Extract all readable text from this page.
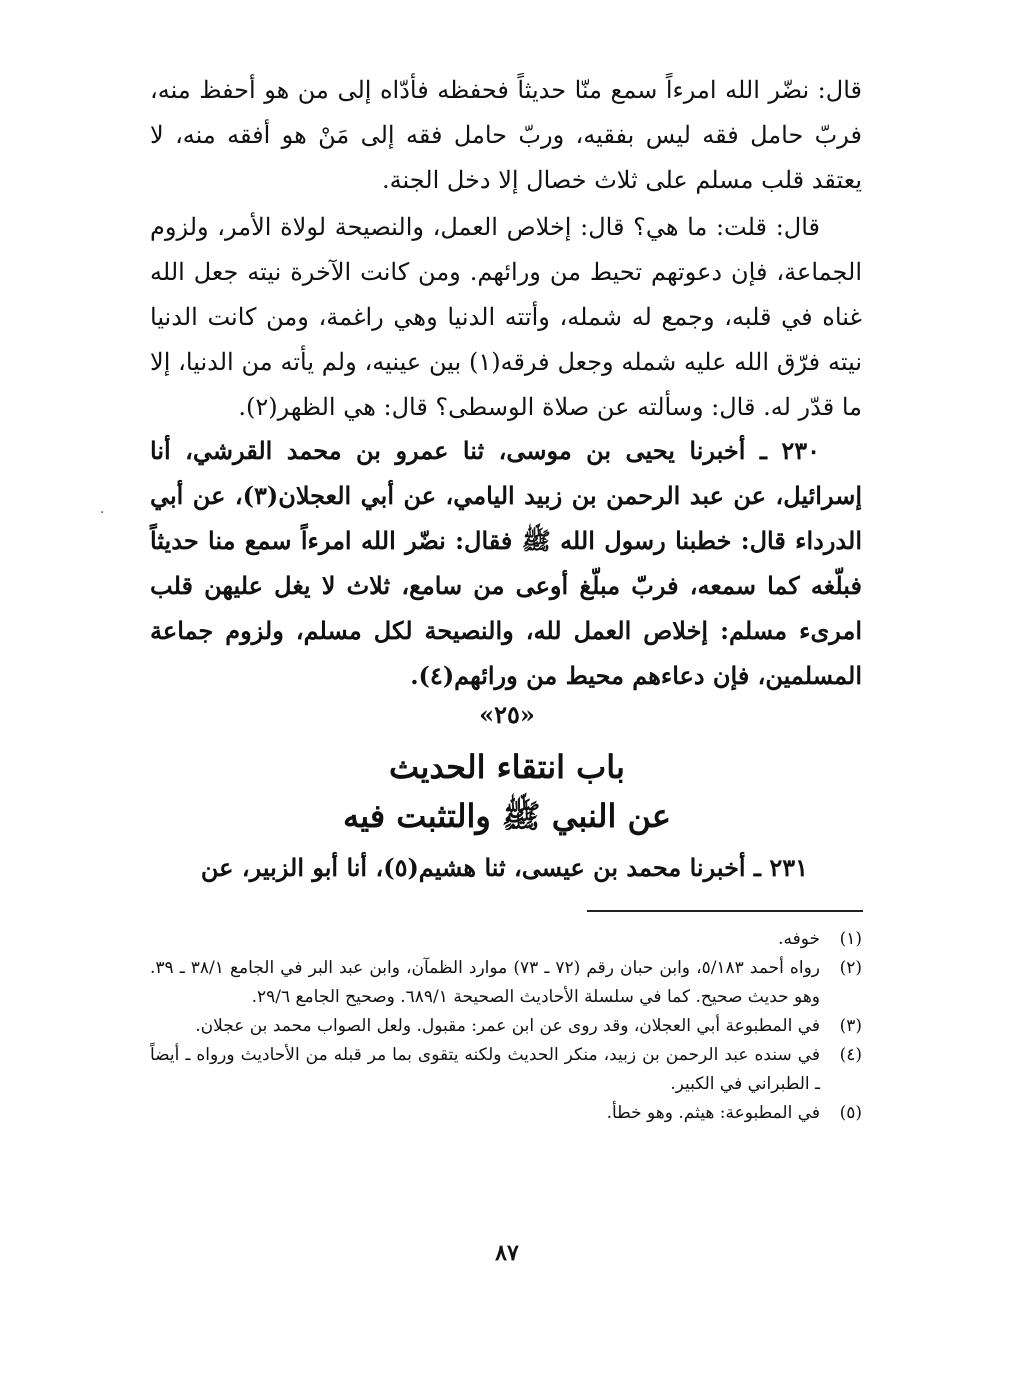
قال: نضّر الله امرءاً سمع منّا حديثاً فحفظه فأدّاه إلى من هو أحفظ منه، فربّ حامل فقه ليس بفقيه، وربّ حامل فقه إلى مَنْ هو أفقه منه، لا يعتقد قلب مسلم على ثلاث خصال إلا دخل الجنة.
قال: قلت: ما هي؟ قال: إخلاص العمل، والنصيحة لولاة الأمر، ولزوم الجماعة، فإن دعوتهم تحيط من ورائهم. ومن كانت الآخرة نيته جعل الله غناه في قلبه، وجمع له شمله، وأتته الدنيا وهي راغمة، ومن كانت الدنيا نيته فرّق الله عليه شمله وجعل فرقه(١) بين عينيه، ولم يأته من الدنيا، إلا ما قدّر له. قال: وسألته عن صلاة الوسطى؟ قال: هي الظهر(٢).
·
٢٣٠ ـ أخبرنا يحيى بن موسى، ثنا عمرو بن محمد القرشي، أنا إسرائيل، عن عبد الرحمن بن زبيد اليامي، عن أبي العجلان(٣)، عن أبي الدرداء قال: خطبنا رسول الله ﷺ فقال: نضّر الله امرءاً سمع منا حديثاً فبلّغه كما سمعه، فربّ مبلّغ أوعى من سامع، ثلاث لا يغل عليهن قلب امرىء مسلم: إخلاص العمل لله، والنصيحة لكل مسلم، ولزوم جماعة المسلمين، فإن دعاءهم محيط من ورائهم(٤).
«٢٥»
باب انتقاء الحديث
عن النبي ﷺ والتثبت فيه
٢٣١ ـ أخبرنا محمد بن عيسى، ثنا هشيم(٥)، أنا أبو الزبير، عن
(١)
خوفه.
(٢)
رواه أحمد ٥/١٨٣، وابن حبان رقم (٧٢ ـ ٧٣) موارد الظمآن، وابن عبد البر في الجامع ٣٨/١ ـ ٣٩. وهو حديث صحيح. كما في سلسلة الأحاديث الصحيحة ٦٨٩/١. وصحيح الجامع ٢٩/٦.
(٣)
في المطبوعة أبي العجلان، وقد روى عن ابن عمر: مقبول. ولعل الصواب محمد بن عجلان.
(٤)
في سنده عبد الرحمن بن زبيد، منكر الحديث ولكنه يتقوى بما مر قبله من الأحاديث ورواه ـ أيضاً ـ الطبراني في الكبير.
(٥)
في المطبوعة: هيثم. وهو خطأ.
٨٧
